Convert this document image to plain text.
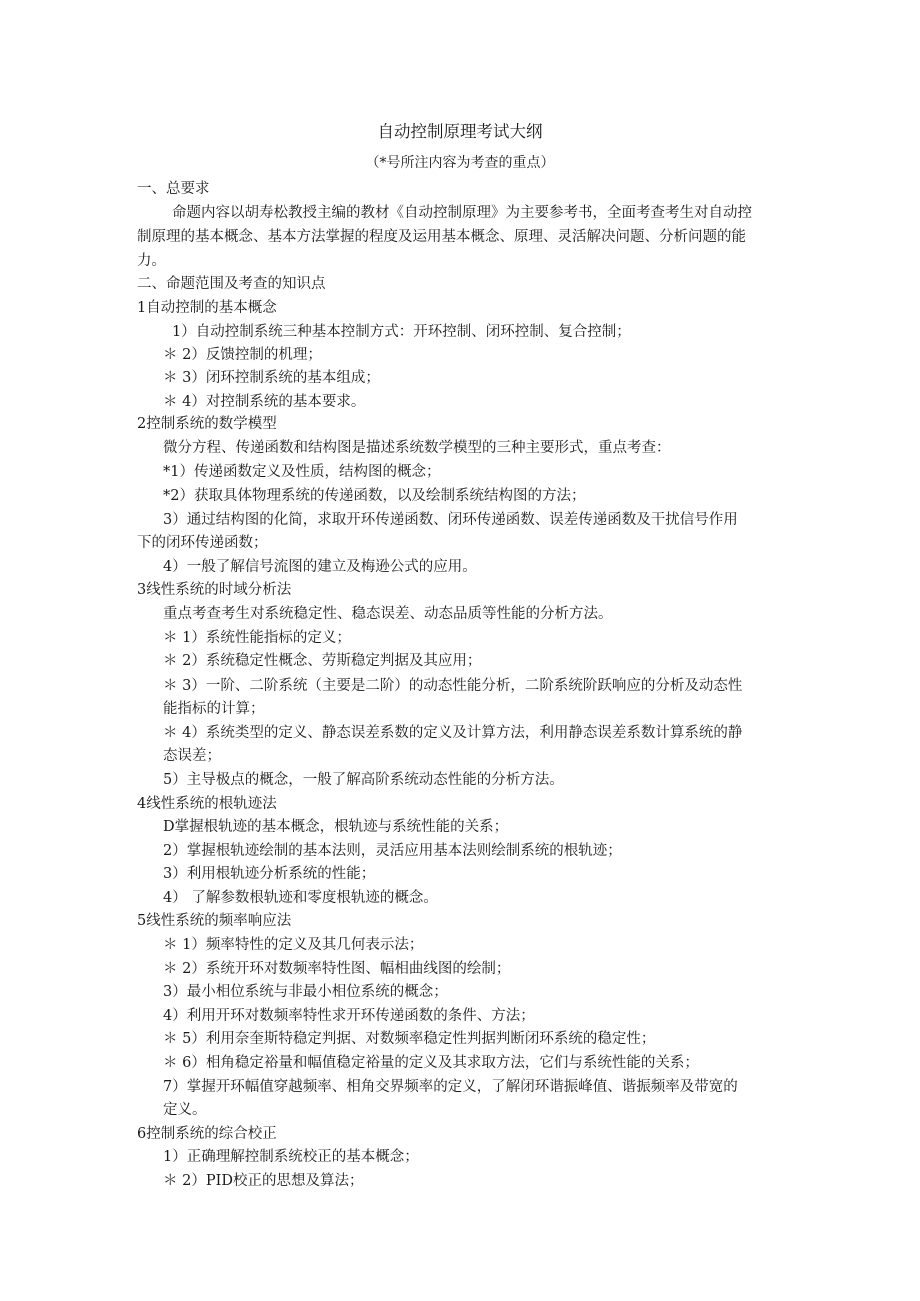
自动控制原理考试大纲
（*号所注内容为考查的重点）
一、总要求
命题内容以胡寿松教授主编的教材《自动控制原理》为主要参考书，全面考查考生对自动控
制原理的基本概念、基本方法掌握的程度及运用基本概念、原理、灵活解决问题、分析问题的能
力。
二、命题范围及考查的知识点
1自动控制的基本概念
1）自动控制系统三种基本控制方式：开环控制、闭环控制、复合控制；
＊ 2）反馈控制的机理；
＊ 3）闭环控制系统的基本组成；
＊ 4）对控制系统的基本要求。
2控制系统的数学模型
微分方程、传递函数和结构图是描述系统数学模型的三种主要形式，重点考查：
*1）传递函数定义及性质，结构图的概念；
*2）获取具体物理系统的传递函数，以及绘制系统结构图的方法；
3）通过结构图的化简，求取开环传递函数、闭环传递函数、误差传递函数及干扰信号作用
下的闭环传递函数；
4）一般了解信号流图的建立及梅逊公式的应用。
3线性系统的时域分析法
重点考查考生对系统稳定性、稳态误差、动态品质等性能的分析方法。
＊ 1）系统性能指标的定义；
＊ 2）系统稳定性概念、劳斯稳定判据及其应用；
＊ 3）一阶、二阶系统（主要是二阶）的动态性能分析，二阶系统阶跃响应的分析及动态性
能指标的计算；
＊ 4）系统类型的定义、静态误差系数的定义及计算方法，利用静态误差系数计算系统的静
态误差；
5）主导极点的概念，一般了解高阶系统动态性能的分析方法。
4线性系统的根轨迹法
D掌握根轨迹的基本概念，根轨迹与系统性能的关系；
2）掌握根轨迹绘制的基本法则，灵活应用基本法则绘制系统的根轨迹；
3）利用根轨迹分析系统的性能；
4） 了解参数根轨迹和零度根轨迹的概念。
5线性系统的频率响应法
＊ 1）频率特性的定义及其几何表示法；
＊ 2）系统开环对数频率特性图、幅相曲线图的绘制；
3）最小相位系统与非最小相位系统的概念；
4）利用开环对数频率特性求开环传递函数的条件、方法；
＊ 5）利用奈奎斯特稳定判据、对数频率稳定性判据判断闭环系统的稳定性；
＊ 6）相角稳定裕量和幅值稳定裕量的定义及其求取方法，它们与系统性能的关系；
7）掌握开环幅值穿越频率、相角交界频率的定义，了解闭环谐振峰值、谐振频率及带宽的
定义。
6控制系统的综合校正
1）正确理解控制系统校正的基本概念；
＊ 2）PID校正的思想及算法；
